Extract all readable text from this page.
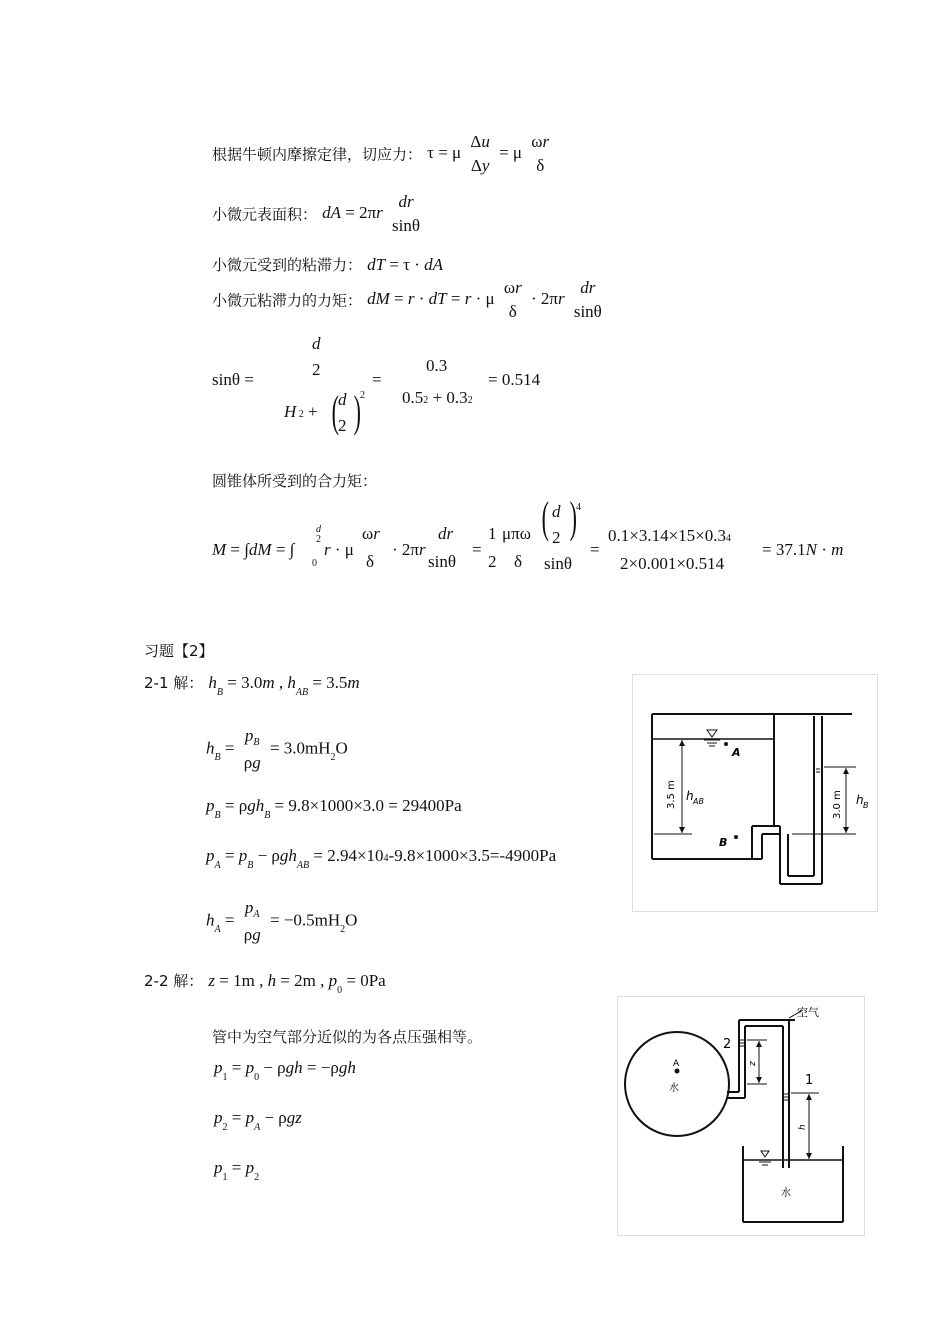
根据牛顿内摩擦定律，切应力： τ = μ
Δu
Δy
= μ
ωr
δ
小微元表面积： dA = 2πr
dr
sinθ
小微元受到的粘滞力： dT = τ · dA
小微元粘滞力的力矩： dM = r · dT = r · μ
ωr
δ
· 2πr
dr
sinθ
sinθ =
d
2
H 2 + ( d
2 ) 2
=
0.3
0.52 + 0.32
= 0.514
圆锥体所受到的合力矩：
M = ∫dM = ∫
d
2
0
r · μ
ωr
δ
· 2πr
dr
sinθ
=
1
2
μπω
δ
( d
2 ) 4
sinθ
=
0.1×3.14×15×0.34
2×0.001×0.514
= 37.1N · m
习题【2】
2-1 解： $h_B = 3.0m$ , $h_{AB} = 3.5m$
$h_B$ =
$p_B$
ρg
= $3.0mH_2O$
$p_B = \rho gh_B = 9.8\times 1000\times 3.0 = 29400Pa$
$p_A = p_B - \rho gh_{AB} = 2.94\times 104-9.8\times 1000\times 3.5=-4900Pa$
$h_A$ =
$p_A$
ρg
= $-0.5mH_2O$
A
B
3.5 m h AB	3.0 m h B
2-2 解： z = 1m , h = 2m , $p_0 = 0Pa$
管中为空气部分近似的为各点压强相等。
$p_1 = p_0 - \rho gh = -\rho gh$
$p_2 = p_A - \rho gz$
$p_1 = p_2$
A
水
空气
2
1
z
h
水
